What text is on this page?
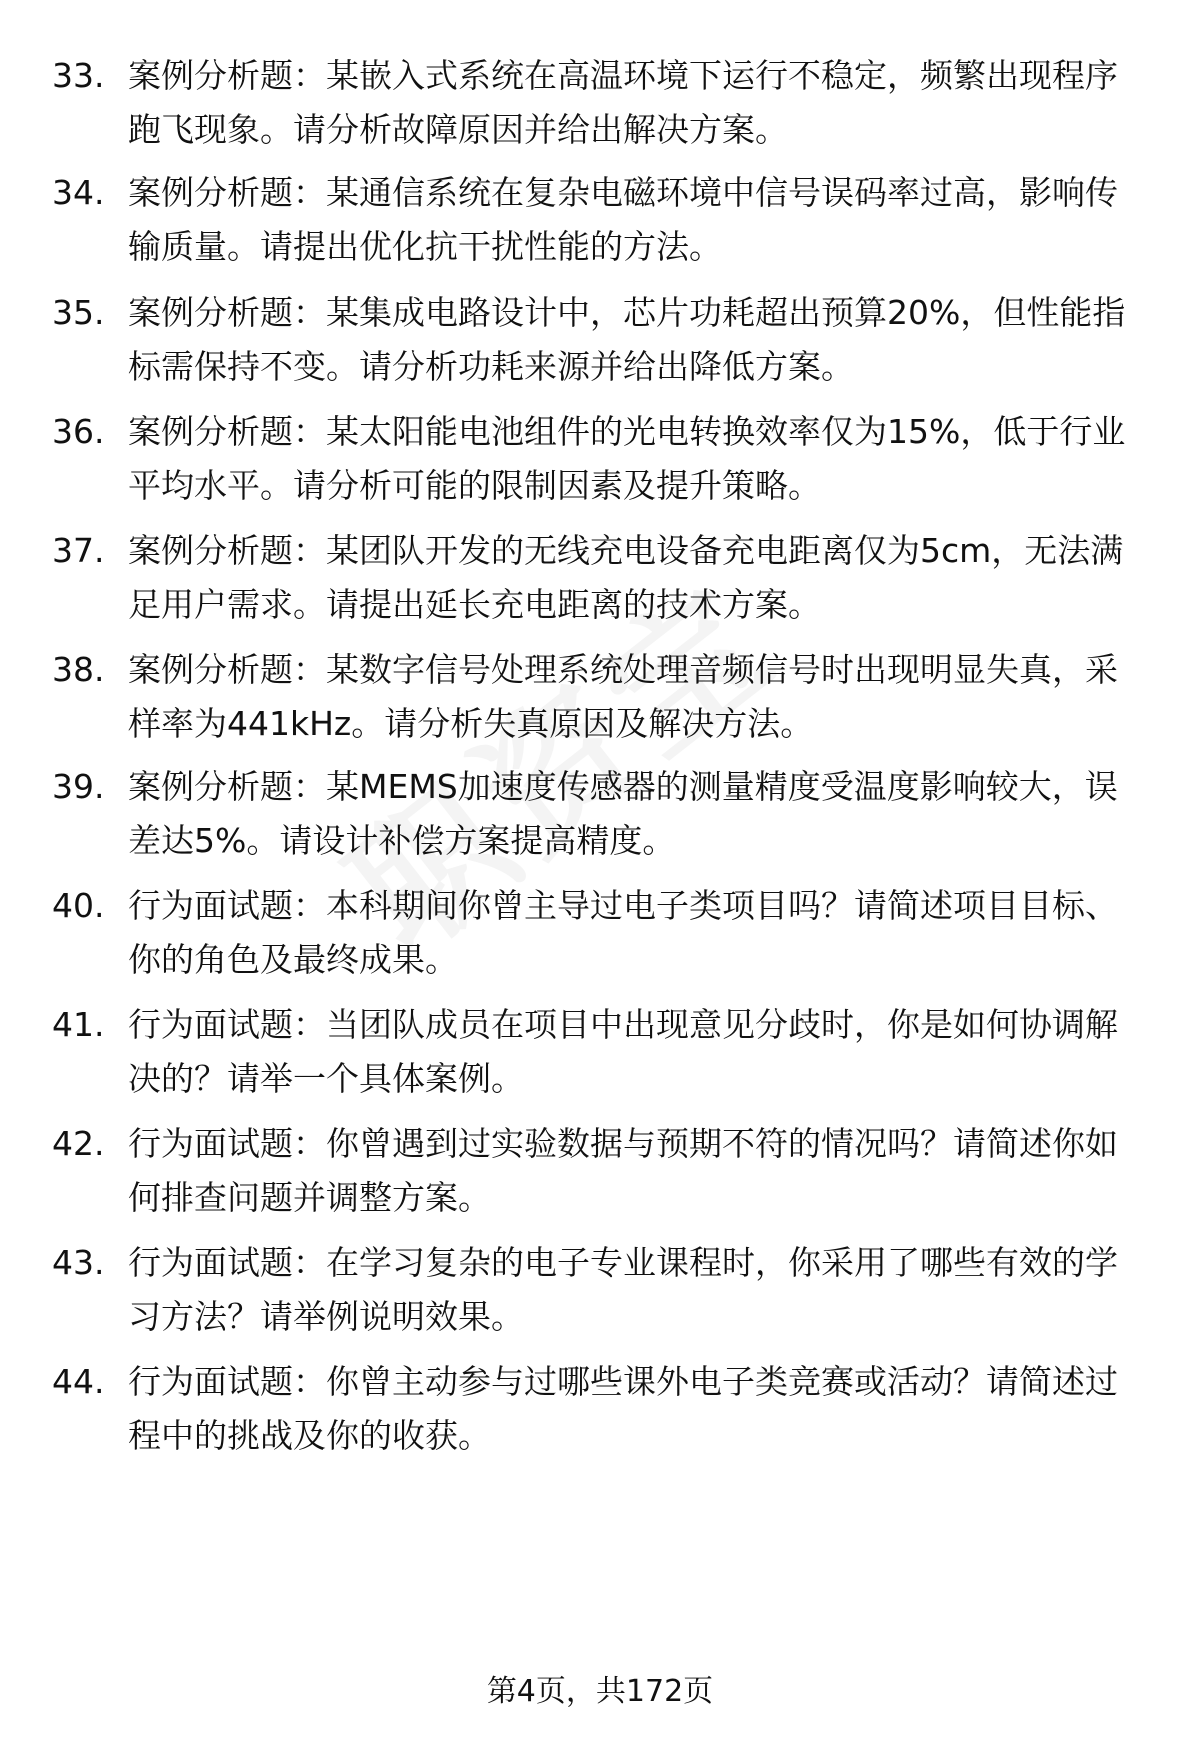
33. 案例分析题：某嵌入式系统在高温环境下运行不稳定，频繁出现程序跑飞现象。请分析故障原因并给出解决方案。
34. 案例分析题：某通信系统在复杂电磁环境中信号误码率过高，影响传输质量。请提出优化抗干扰性能的方法。
35. 案例分析题：某集成电路设计中，芯片功耗超出预算20%，但性能指标需保持不变。请分析功耗来源并给出降低方案。
36. 案例分析题：某太阳能电池组件的光电转换效率仅为15%，低于行业平均水平。请分析可能的限制因素及提升策略。
37. 案例分析题：某团队开发的无线充电设备充电距离仅为5cm，无法满足用户需求。请提出延长充电距离的技术方案。
38. 案例分析题：某数字信号处理系统处理音频信号时出现明显失真，采样率为441kHz。请分析失真原因及解决方法。
39. 案例分析题：某MEMS加速度传感器的测量精度受温度影响较大，误差达5%。请设计补偿方案提高精度。
40. 行为面试题：本科期间你曾主导过电子类项目吗？请简述项目目标、你的角色及最终成果。
41. 行为面试题：当团队成员在项目中出现意见分歧时，你是如何协调解决的？请举一个具体案例。
42. 行为面试题：你曾遇到过实验数据与预期不符的情况吗？请简述你如何排查问题并调整方案。
43. 行为面试题：在学习复杂的电子专业课程时，你采用了哪些有效的学习方法？请举例说明效果。
44. 行为面试题：你曾主动参与过哪些课外电子类竞赛或活动？请简述过程中的挑战及你的收获。
第4页，共172页
